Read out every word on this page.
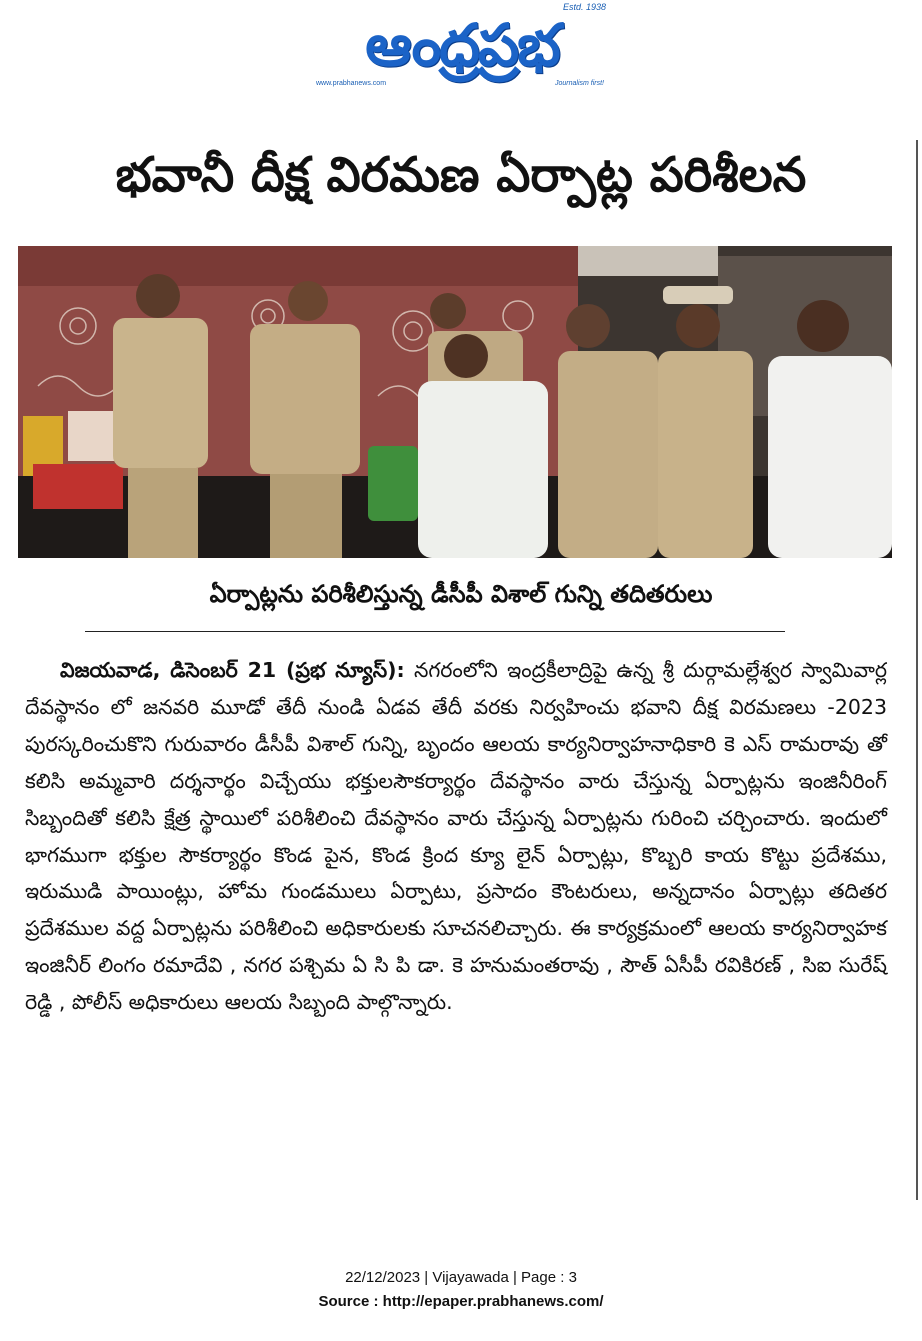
Estd. 1938
ఆంధ్రప్రభ
www.prabhanews.com	Journalism first!
భవానీ దీక్ష విరమణ ఏర్పాట్ల పరిశీలన

ఏర్పాట్లను పరిశీలిస్తున్న డీసీపీ విశాల్ గున్ని తదితరులు

విజయవాడ, డిసెంబర్ 21 (ప్రభ న్యూస్): నగరంలోని ఇంద్రకీలాద్రిపై ఉన్న శ్రీ దుర్గామల్లేశ్వర స్వామివార్ల దేవస్థానం లో జనవరి మూడో తేదీ నుండి ఏడవ తేదీ వరకు నిర్వహించు భవాని దీక్ష విరమణలు -2023 పురస్కరించుకొని గురువారం డీసీపీ విశాల్ గున్ని, బృందం ఆలయ కార్యనిర్వాహనాధికారి కె ఎస్ రామరావు తో కలిసి అమ్మవారి దర్శనార్థం విచ్చేయు భక్తులసౌకర్యార్థం దేవస్థానం వారు చేస్తున్న ఏర్పాట్లను ఇంజినీరింగ్ సిబ్బందితో కలిసి క్షేత్ర స్థాయిలో పరిశీలించి దేవస్థానం వారు చేస్తున్న ఏర్పాట్లను గురించి చర్చించారు. ఇందులో భాగముగా భక్తుల సౌకర్యార్థం కొండ పైన, కొండ క్రింద క్యూ లైన్ ఏర్పాట్లు, కొబ్బరి కాయ కొట్టు ప్రదేశము, ఇరుముడి పాయింట్లు, హోమ గుండములు ఏర్పాటు, ప్రసాదం కౌంటరులు, అన్నదానం ఏర్పాట్లు తదితర ప్రదేశముల వద్ద ఏర్పాట్లను పరిశీలించి అధికారులకు సూచనలిచ్చారు. ఈ కార్యక్రమంలో ఆలయ కార్యనిర్వాహక ఇంజినీర్ లింగం రమాదేవి , నగర పశ్చిమ ఏ సి పి డా. కె హనుమంతరావు , సౌత్ ఏసీపీ రవికిరణ్ , సిఐ సురేష్ రెడ్డి , పోలీస్ అధికారులు ఆలయ సిబ్బంది పాల్గొన్నారు.

22/12/2023 | Vijayawada | Page : 3
Source : http://epaper.prabhanews.com/
